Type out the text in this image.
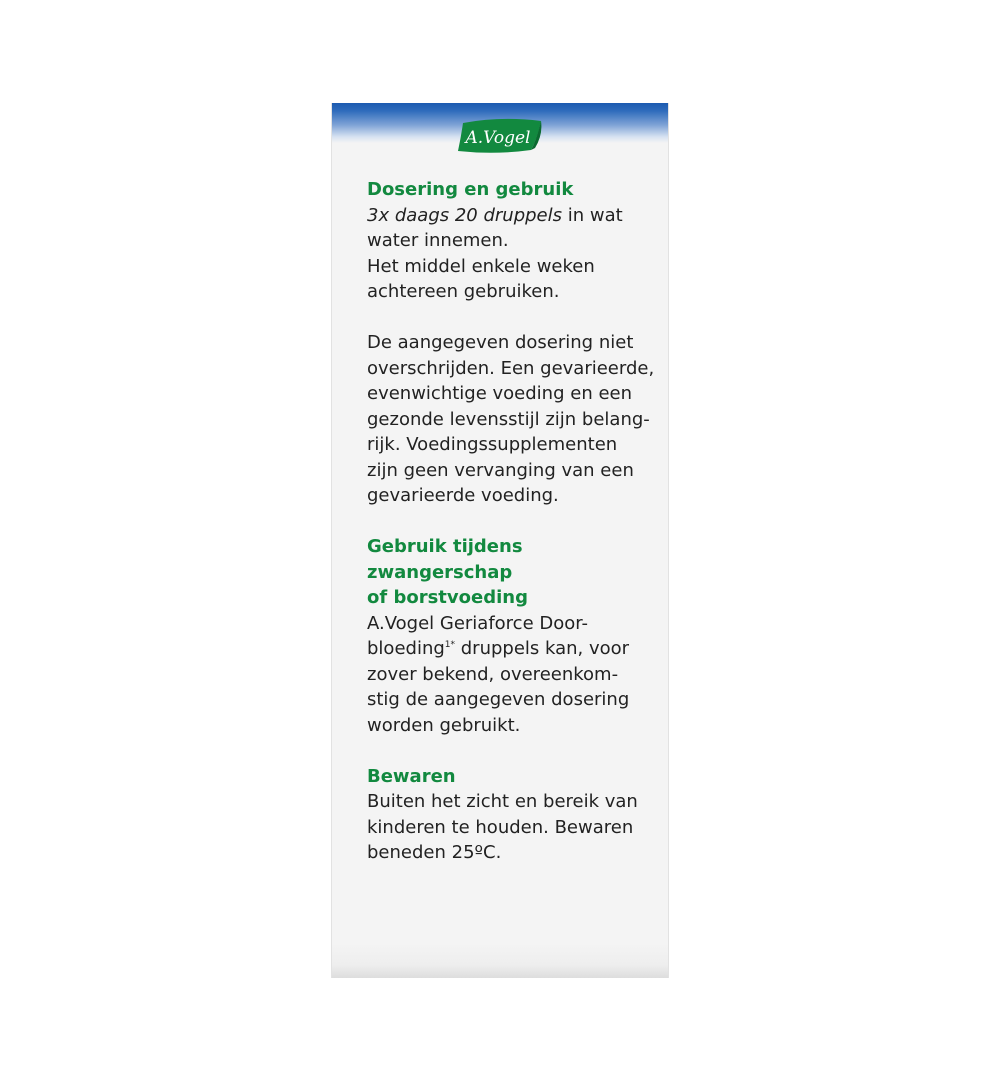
A.Vogel

Dosering en gebruik

3x daags 20 druppels in wat

water innemen.

Het middel enkele weken

achtereen gebruiken.

De aangegeven dosering niet

overschrijden. Een gevarieerde,

evenwichtige voeding en een

gezonde levensstijl zijn belang-

rijk. Voedingssupplementen

zijn geen vervanging van een

gevarieerde voeding.

Gebruik tijdens zwangerschap

of borstvoeding

A.Vogel Geriaforce Door-

bloeding$^{1*}$ druppels kan, voor

zover bekend, overeenkom-

stig de aangegeven dosering

worden gebruikt.

Bewaren

Buiten het zicht en bereik van

kinderen te houden. Bewaren

beneden 25ºC.
